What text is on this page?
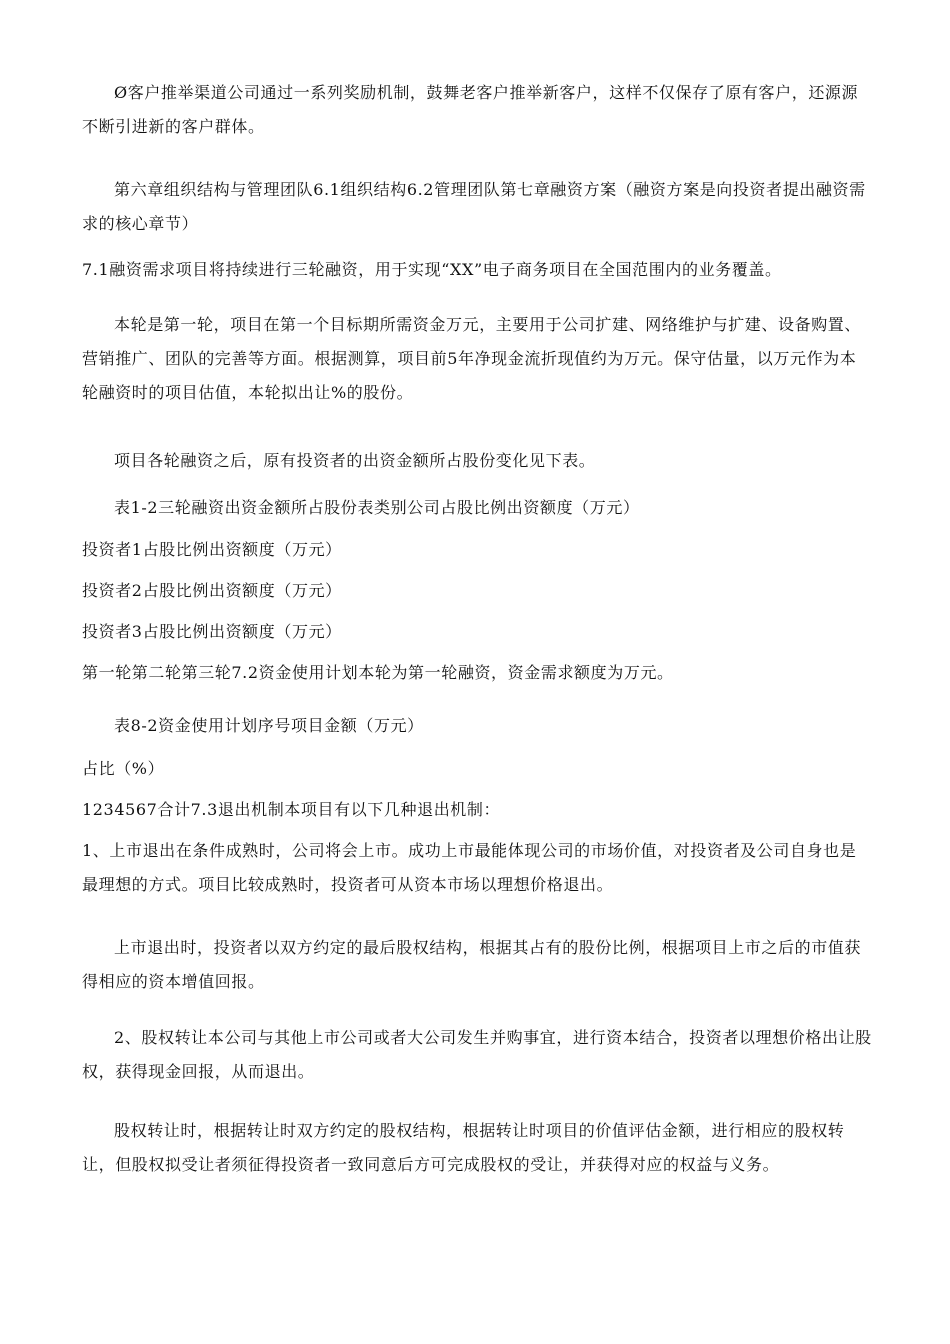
Ø客户推举渠道公司通过一系列奖励机制，鼓舞老客户推举新客户，这样不仅保存了原有客户，还源源不断引进新的客户群体。

第六章组织结构与管理团队6.1组织结构6.2管理团队第七章融资方案（融资方案是向投资者提出融资需求的核心章节）

7.1融资需求项目将持续进行三轮融资，用于实现“XX”电子商务项目在全国范围内的业务覆盖。

本轮是第一轮，项目在第一个目标期所需资金万元，主要用于公司扩建、网络维护与扩建、设备购置、营销推广、团队的完善等方面。根据测算，项目前5年净现金流折现值约为万元。保守估量，以万元作为本轮融资时的项目估值，本轮拟出让%的股份。

项目各轮融资之后，原有投资者的出资金额所占股份变化见下表。

表1-2三轮融资出资金额所占股份表类别公司占股比例出资额度（万元）

投资者1占股比例出资额度（万元）

投资者2占股比例出资额度（万元）

投资者3占股比例出资额度（万元）

第一轮第二轮第三轮7.2资金使用计划本轮为第一轮融资，资金需求额度为万元。

表8-2资金使用计划序号项目金额（万元）

占比（%）

1234567合计7.3退出机制本项目有以下几种退出机制：

1、上市退出在条件成熟时，公司将会上市。成功上市最能体现公司的市场价值，对投资者及公司自身也是最理想的方式。项目比较成熟时，投资者可从资本市场以理想价格退出。

上市退出时，投资者以双方约定的最后股权结构，根据其占有的股份比例，根据项目上市之后的市值获得相应的资本增值回报。

2、股权转让本公司与其他上市公司或者大公司发生并购事宜，进行资本结合，投资者以理想价格出让股权，获得现金回报，从而退出。

股权转让时，根据转让时双方约定的股权结构，根据转让时项目的价值评估金额，进行相应的股权转让，但股权拟受让者须征得投资者一致同意后方可完成股权的受让，并获得对应的权益与义务。
